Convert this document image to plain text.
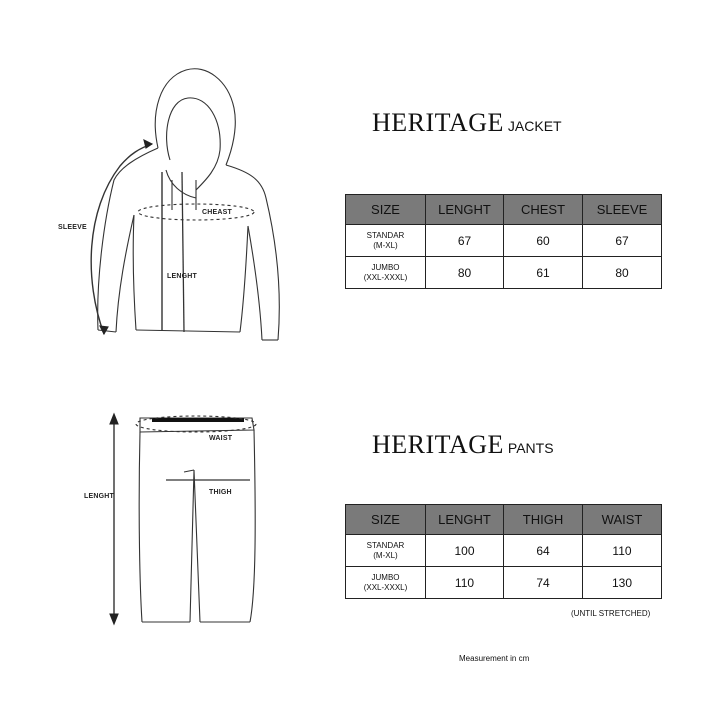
SLEEVE
CHEAST
LENGHT
LENGHT
WAIST
THIGH
HERITAGE JACKET
SIZE	LENGHT	CHEST	SLEEVE
STANDAR
(M-XL)	67	60	67
JUMBO
(XXL-XXXL)	80	61	80
HERITAGE PANTS
SIZE	LENGHT	THIGH	WAIST
STANDAR
(M-XL)	100	64	110
JUMBO
(XXL-XXXL)	110	74	130
(UNTIL STRETCHED)
Measurement in cm
